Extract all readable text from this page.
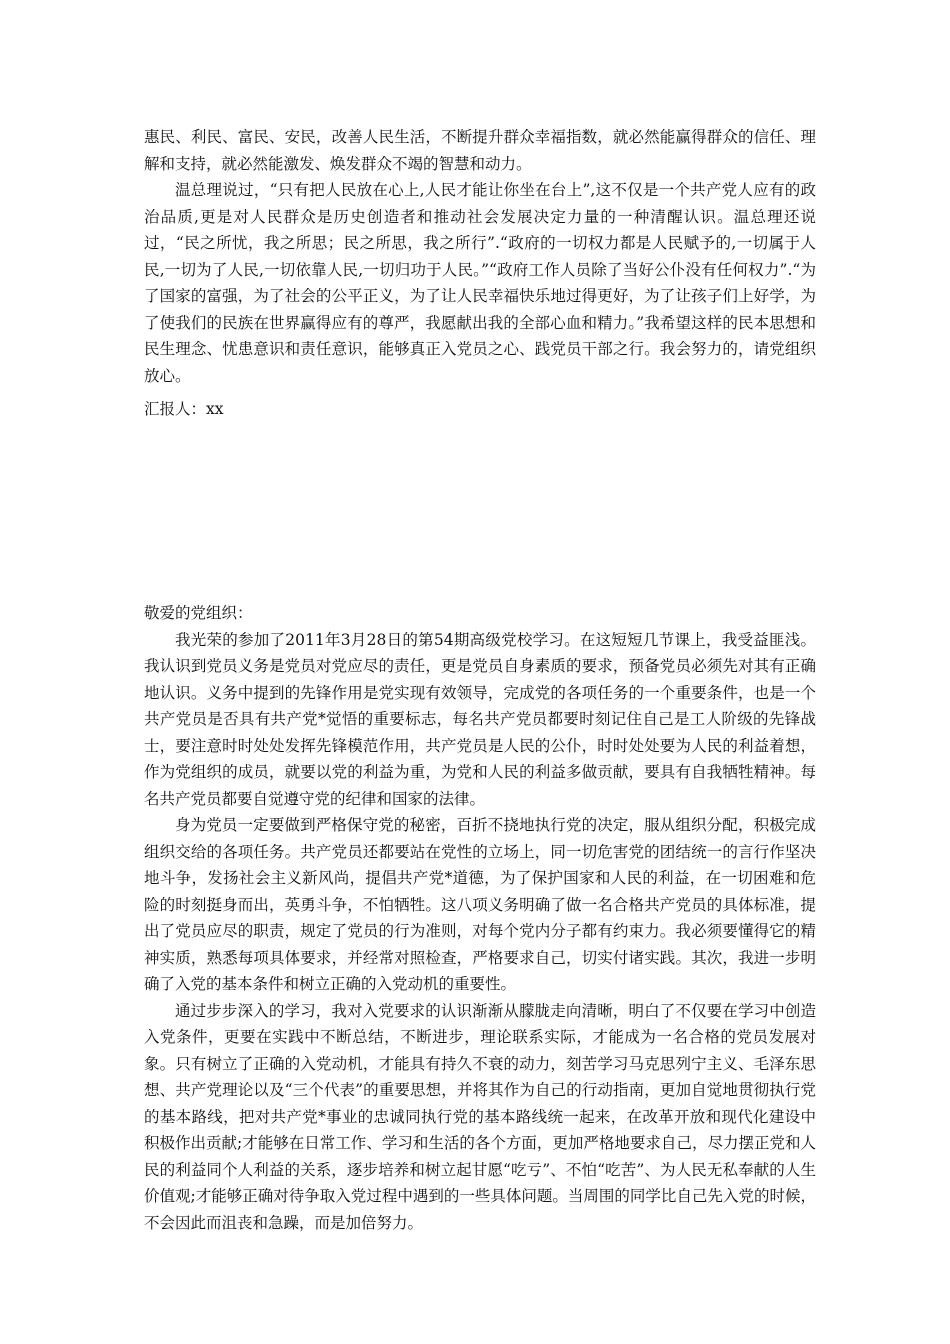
惠民、利民、富民、安民，改善人民生活，不断提升群众幸福指数，就必然能赢得群众的信任、理解和支持，就必然能激发、焕发群众不竭的智慧和动力。

温总理说过，“只有把人民放在心上,人民才能让你坐在台上”,这不仅是一个共产党人应有的政治品质,更是对人民群众是历史创造者和推动社会发展决定力量的一种清醒认识。温总理还说过，“民之所忧，我之所思；民之所思，我之所行”.“政府的一切权力都是人民赋予的,一切属于人民,一切为了人民,一切依靠人民,一切归功于人民。”“政府工作人员除了当好公仆没有任何权力”.“为了国家的富强，为了社会的公平正义，为了让人民幸福快乐地过得更好，为了让孩子们上好学，为了使我们的民族在世界赢得应有的尊严，我愿献出我的全部心血和精力。”我希望这样的民本思想和民生理念、忧患意识和责任意识，能够真正入党员之心、践党员干部之行。我会努力的，请党组织放心。

汇报人：xx

敬爱的党组织：

我光荣的参加了2011年3月28日的第54期高级党校学习。在这短短几节课上，我受益匪浅。我认识到党员义务是党员对党应尽的责任，更是党员自身素质的要求，预备党员必须先对其有正确地认识。义务中提到的先锋作用是党实现有效领导，完成党的各项任务的一个重要条件，也是一个共产党员是否具有共产党*觉悟的重要标志，每名共产党员都要时刻记住自己是工人阶级的先锋战士，要注意时时处处发挥先锋模范作用，共产党员是人民的公仆，时时处处要为人民的利益着想，作为党组织的成员，就要以党的利益为重，为党和人民的利益多做贡献，要具有自我牺牲精神。每名共产党员都要自觉遵守党的纪律和国家的法律。

身为党员一定要做到严格保守党的秘密，百折不挠地执行党的决定，服从组织分配，积极完成组织交给的各项任务。共产党员还都要站在党性的立场上，同一切危害党的团结统一的言行作坚决地斗争，发扬社会主义新风尚，提倡共产党*道德，为了保护国家和人民的利益，在一切困难和危险的时刻挺身而出，英勇斗争，不怕牺牲。这八项义务明确了做一名合格共产党员的具体标准，提出了党员应尽的职责，规定了党员的行为准则，对每个党内分子都有约束力。我必须要懂得它的精神实质，熟悉每项具体要求，并经常对照检查，严格要求自己，切实付诸实践。其次，我进一步明确了入党的基本条件和树立正确的入党动机的重要性。

通过步步深入的学习，我对入党要求的认识渐渐从朦胧走向清晰，明白了不仅要在学习中创造入党条件，更要在实践中不断总结，不断进步，理论联系实际，才能成为一名合格的党员发展对象。只有树立了正确的入党动机，才能具有持久不衰的动力，刻苦学习马克思列宁主义、毛泽东思想、共产党理论以及“三个代表”的重要思想，并将其作为自己的行动指南，更加自觉地贯彻执行党的基本路线，把对共产党*事业的忠诚同执行党的基本路线统一起来，在改革开放和现代化建设中积极作出贡献;才能够在日常工作、学习和生活的各个方面，更加严格地要求自己，尽力摆正党和人民的利益同个人利益的关系，逐步培养和树立起甘愿“吃亏”、不怕“吃苦”、为人民无私奉献的人生价值观;才能够正确对待争取入党过程中遇到的一些具体问题。当周围的同学比自己先入党的时候，不会因此而沮丧和急躁，而是加倍努力。
